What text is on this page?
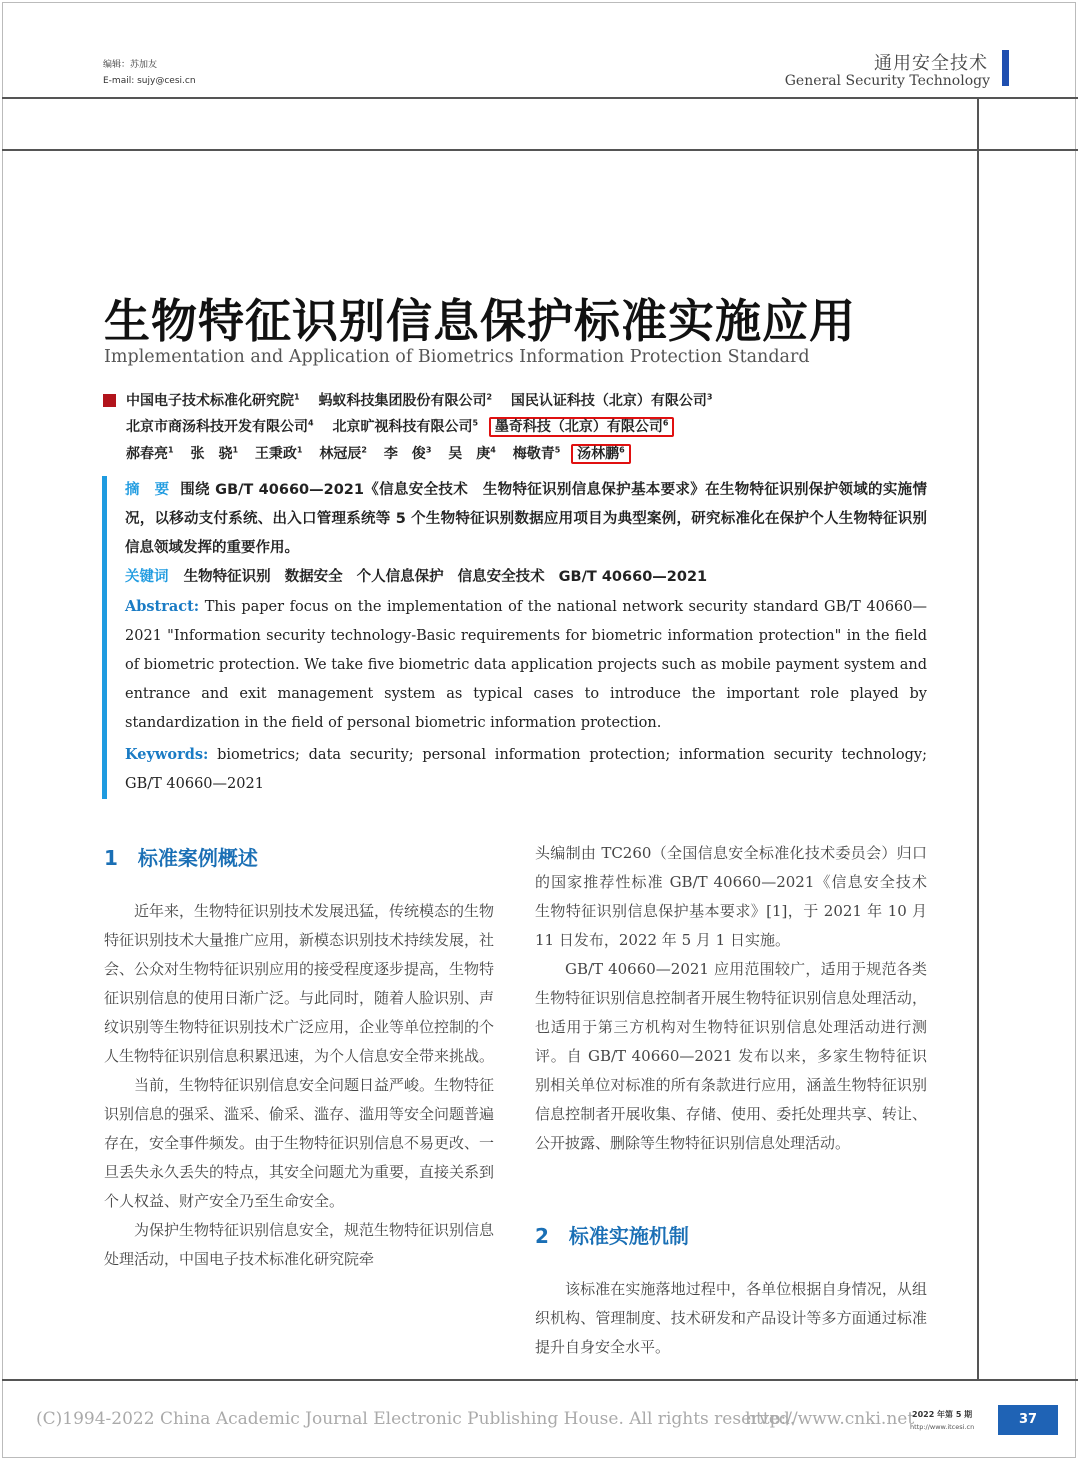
编辑：苏加友
E-mail: sujy@cesi.cn
通用安全技术
General Security Technology
生物特征识别信息保护标准实施应用
Implementation and Application of Biometrics Information Protection Standard
中国电子技术标准化研究院$^1$ 蚂蚁科技集团股份有限公司$^2$ 国民认证科技（北京）有限公司$^3$
北京市商汤科技开发有限公司$^4$ 北京旷视科技有限公司$^5$ 墨奇科技（北京）有限公司$^6$
郝春亮$^1$ 张　骁$^1$ 王秉政$^1$ 林冠辰$^2$ 李　俊$^3$ 吴　庚$^4$ 梅敬青$^5$ 汤林鹏$^6$
摘　要 围绕 GB/T 40660—2021《信息安全技术　生物特征识别信息保护基本要求》在生物特征识别保护领域的实施情况，以移动支付系统、出入口管理系统等 5 个生物特征识别数据应用项目为典型案例，研究标准化在保护个人生物特征识别信息领域发挥的重要作用。
关键词 生物特征识别 数据安全 个人信息保护 信息安全技术 GB/T 40660—2021
Abstract: This paper focus on the implementation of the national network security standard GB/T 40660—2021 "Information security technology-Basic requirements for biometric information protection" in the field of biometric protection. We take five biometric data application projects such as mobile payment system and entrance and exit management system as typical cases to introduce the important role played by standardization in the field of personal biometric information protection.
Keywords: biometrics; data security; personal information protection; information security technology; GB/T 40660—2021
1　标准案例概述

近年来，生物特征识别技术发展迅猛，传统模态的生物特征识别技术大量推广应用，新模态识别技术持续发展，社会、公众对生物特征识别应用的接受程度逐步提高，生物特征识别信息的使用日渐广泛。与此同时，随着人脸识别、声纹识别等生物特征识别技术广泛应用，企业等单位控制的个人生物特征识别信息积累迅速，为个人信息安全带来挑战。

当前，生物特征识别信息安全问题日益严峻。生物特征识别信息的强采、滥采、偷采、滥存、滥用等安全问题普遍存在，安全事件频发。由于生物特征识别信息不易更改、一旦丢失永久丢失的特点，其安全问题尤为重要，直接关系到个人权益、财产安全乃至生命安全。

为保护生物特征识别信息安全，规范生物特征识别信息处理活动，中国电子技术标准化研究院牵

头编制由 TC260（全国信息安全标准化技术委员会）归口的国家推荐性标准 GB/T 40660—2021《信息安全技术　生物特征识别信息保护基本要求》[1]，于 2021 年 10 月 11 日发布，2022 年 5 月 1 日实施。

GB/T 40660—2021 应用范围较广，适用于规范各类生物特征识别信息控制者开展生物特征识别信息处理活动，也适用于第三方机构对生物特征识别信息处理活动进行测评。自 GB/T 40660—2021 发布以来，多家生物特征识别相关单位对标准的所有条款进行应用，涵盖生物特征识别信息控制者开展收集、存储、使用、委托处理共享、转让、公开披露、删除等生物特征识别信息处理活动。

2　标准实施机制

该标准在实施落地过程中，各单位根据自身情况，从组织机构、管理制度、技术研发和产品设计等多方面通过标准提升自身安全水平。

(C)1994-2022 China Academic Journal Electronic Publishing House. All rights reserved.
http://www.cnki.net
2022 年第 5 期
http://www.itcesi.cn	37
